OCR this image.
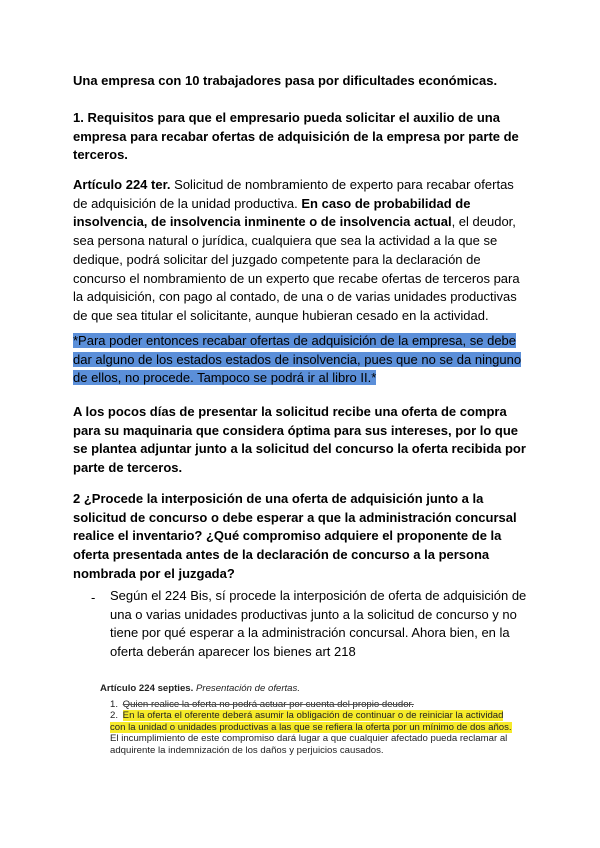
Una empresa con 10 trabajadores pasa por dificultades económicas.

1. Requisitos para que el empresario pueda solicitar el auxilio de una empresa para recabar ofertas de adquisición de la empresa por parte de terceros.

Artículo 224 ter. Solicitud de nombramiento de experto para recabar ofertas de adquisición de la unidad productiva. En caso de probabilidad de insolvencia, de insolvencia inminente o de insolvencia actual, el deudor, sea persona natural o jurídica, cualquiera que sea la actividad a la que se dedique, podrá solicitar del juzgado competente para la declaración de concurso el nombramiento de un experto que recabe ofertas de terceros para la adquisición, con pago al contado, de una o de varias unidades productivas de que sea titular el solicitante, aunque hubieran cesado en la actividad.

*Para poder entonces recabar ofertas de adquisición de la empresa, se debe dar alguno de los estados estados de insolvencia, pues que no se da ninguno de ellos, no procede. Tampoco se podrá ir al libro II.*

A los pocos días de presentar la solicitud recibe una oferta de compra para su maquinaria que considera óptima para sus intereses, por lo que se plantea adjuntar junto a la solicitud del concurso la oferta recibida por parte de terceros.

2 ¿Procede la interposición de una oferta de adquisición junto a la solicitud de concurso o debe esperar a que la administración concursal realice el inventario? ¿Qué compromiso adquiere el proponente de la oferta presentada antes de la declaración de concurso a la persona nombrada por el juzgada?

- Según el 224 Bis, sí procede la interposición de oferta de adquisición de una o varias unidades productivas junto a la solicitud de concurso y no tiene por qué esperar a la administración concursal. Ahora bien, en la oferta deberán aparecer los bienes art 218

Artículo 224 septies. Presentación de ofertas.

1. Quien realice la oferta no podrá actuar por cuenta del propio deudor.

2. En la oferta el oferente deberá asumir la obligación de continuar o de reiniciar la actividad con la unidad o unidades productivas a las que se refiera la oferta por un mínimo de dos años. El incumplimiento de este compromiso dará lugar a que cualquier afectado pueda reclamar al adquirente la indemnización de los daños y perjuicios causados.
